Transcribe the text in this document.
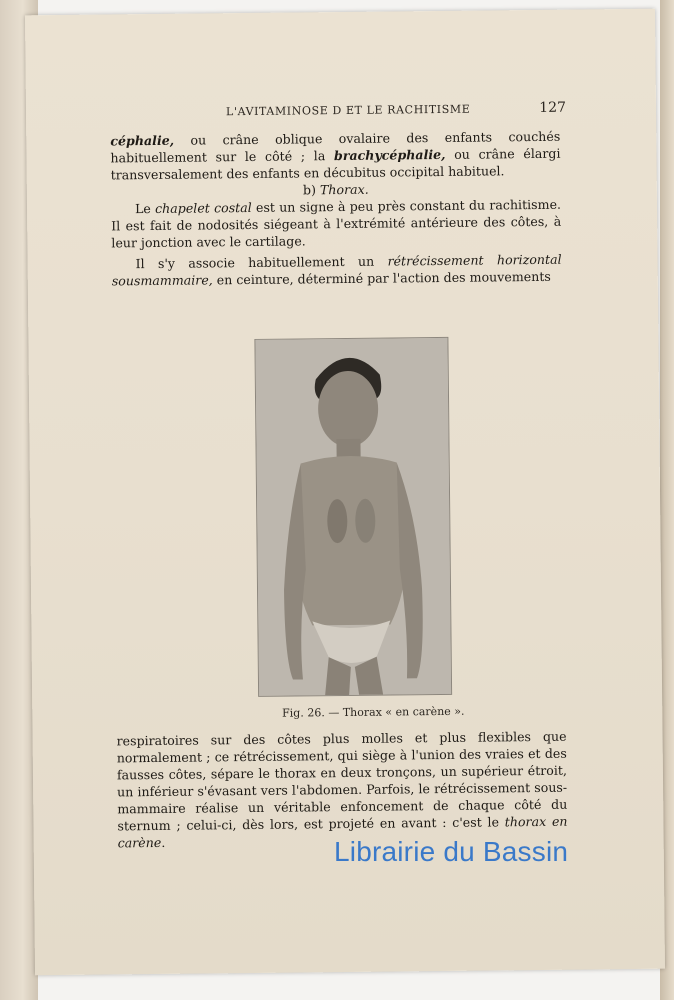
L'AVITAMINOSE D ET LE RACHITISME	127

céphalie, ou crâne oblique ovalaire des enfants couchés habituellement sur le côté ; la brachycéphalie, ou crâne élargi transversalement des enfants en décubitus occipital habituel.

b) Thorax.

Le chapelet costal est un signe à peu près constant du rachitisme. Il est fait de nodosités siégeant à l'extrémité antérieure des côtes, à leur jonction avec le cartilage.

Il s'y associe habituellement un rétrécissement horizontal sousmammaire, en ceinture, déterminé par l'action des mouvements

Fig. 26. — Thorax « en carène ».

respiratoires sur des côtes plus molles et plus flexibles que normalement ; ce rétrécissement, qui siège à l'union des vraies et des fausses côtes, sépare le thorax en deux tronçons, un supérieur étroit, un inférieur s'évasant vers l'abdomen. Parfois, le rétrécissement sous-mammaire réalise un véritable enfoncement de chaque côté du sternum ; celui-ci, dès lors, est projeté en avant : c'est le thorax en carène.	Librairie du Bassin
